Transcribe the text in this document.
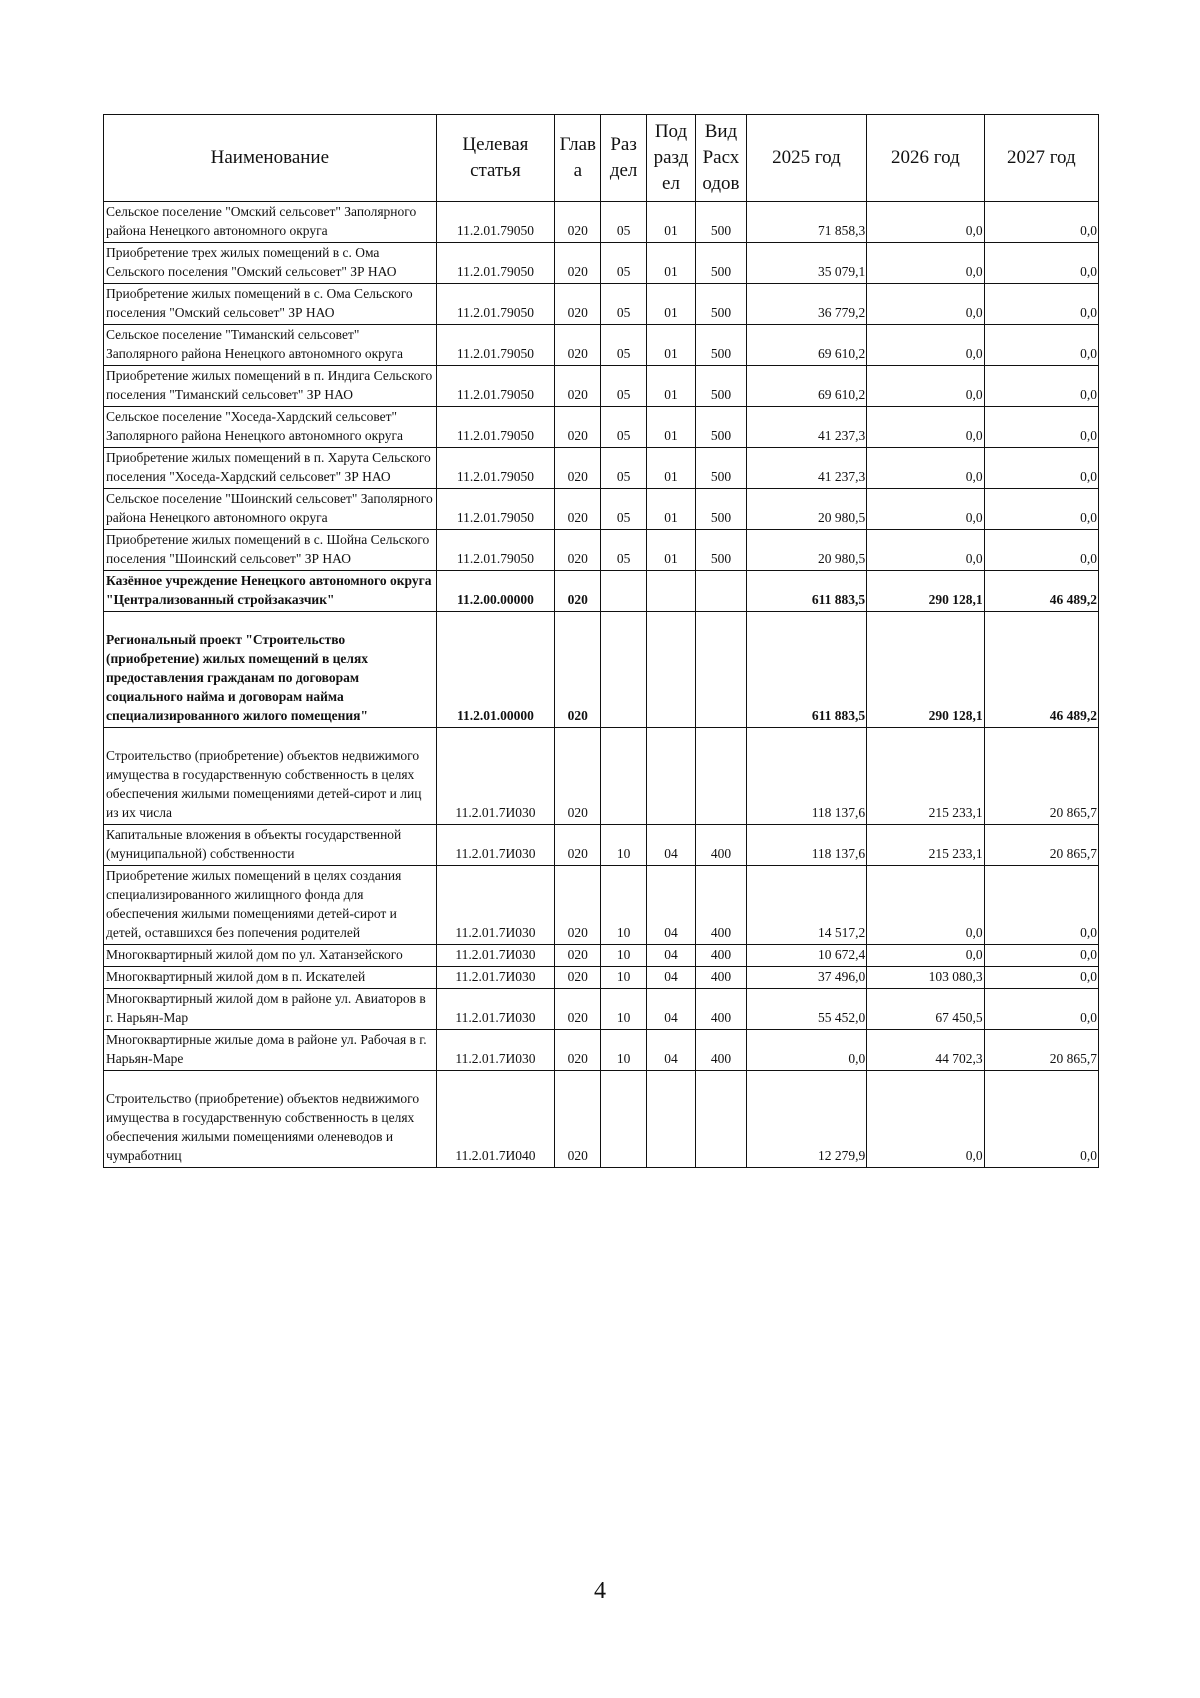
Наименование	Целевая статья	Глав а	Раз дел	Под разд ел	Вид Расх одов	2025 год	2026 год	2027 год
Сельское поселение "Омский сельсовет" Заполярного района Ненецкого автономного округа	11.2.01.79050	020	05	01	500	71 858,3	0,0	0,0
Приобретение трех жилых помещений в с. Ома Сельского поселения "Омский сельсовет" ЗР НАО	11.2.01.79050	020	05	01	500	35 079,1	0,0	0,0
Приобретение жилых помещений в с. Ома Сельского поселения "Омский сельсовет" ЗР НАО	11.2.01.79050	020	05	01	500	36 779,2	0,0	0,0
Сельское поселение "Тиманский сельсовет" Заполярного района Ненецкого автономного округа	11.2.01.79050	020	05	01	500	69 610,2	0,0	0,0
Приобретение жилых помещений в п. Индига Сельского поселения "Тиманский сельсовет" ЗР НАО	11.2.01.79050	020	05	01	500	69 610,2	0,0	0,0
Сельское поселение "Хоседа-Хардский сельсовет" Заполярного района Ненецкого автономного округа	11.2.01.79050	020	05	01	500	41 237,3	0,0	0,0
Приобретение жилых помещений в п. Харута Сельского поселения "Хоседа-Хардский сельсовет" ЗР НАО	11.2.01.79050	020	05	01	500	41 237,3	0,0	0,0
Сельское поселение "Шоинский сельсовет" Заполярного района Ненецкого автономного округа	11.2.01.79050	020	05	01	500	20 980,5	0,0	0,0
Приобретение жилых помещений в с. Шойна Сельского поселения "Шоинский сельсовет" ЗР НАО	11.2.01.79050	020	05	01	500	20 980,5	0,0	0,0
Казённое учреждение Ненецкого автономного округа "Централизованный стройзаказчик"	11.2.00.00000	020				611 883,5	290 128,1	46 489,2
Региональный проект "Строительство (приобретение) жилых помещений в целях предоставления гражданам по договорам социального найма и договорам найма специализированного жилого помещения"	11.2.01.00000	020				611 883,5	290 128,1	46 489,2
Строительство (приобретение) объектов недвижимого имущества в государственную собственность в целях обеспечения жилыми помещениями детей-сирот и лиц из их числа	11.2.01.7И030	020				118 137,6	215 233,1	20 865,7
Капитальные вложения в объекты государственной (муниципальной) собственности	11.2.01.7И030	020	10	04	400	118 137,6	215 233,1	20 865,7
Приобретение жилых помещений в целях создания специализированного жилищного фонда для обеспечения жилыми помещениями детей-сирот и детей, оставшихся без попечения родителей	11.2.01.7И030	020	10	04	400	14 517,2	0,0	0,0
Многоквартирный жилой дом по ул. Хатанзейского	11.2.01.7И030	020	10	04	400	10 672,4	0,0	0,0
Многоквартирный жилой дом в п. Искателей	11.2.01.7И030	020	10	04	400	37 496,0	103 080,3	0,0
Многоквартирный жилой дом в районе ул. Авиаторов в г. Нарьян-Мар	11.2.01.7И030	020	10	04	400	55 452,0	67 450,5	0,0
Многоквартирные жилые дома в районе ул. Рабочая в г. Нарьян-Маре	11.2.01.7И030	020	10	04	400	0,0	44 702,3	20 865,7
Строительство (приобретение) объектов недвижимого имущества в государственную собственность в целях обеспечения жилыми помещениями оленеводов и чумработниц	11.2.01.7И040	020				12 279,9	0,0	0,0
4
